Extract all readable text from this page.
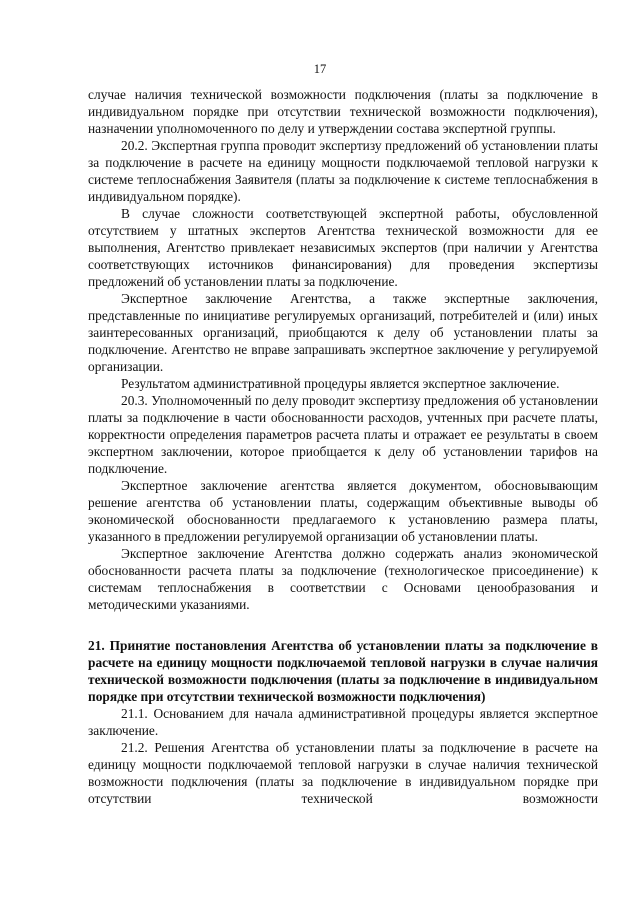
17

случае наличия технической возможности подключения (платы за подключение в индивидуальном порядке при отсутствии технической возможности подключения), назначении уполномоченного по делу и утверждении состава экспертной группы.

20.2. Экспертная группа проводит экспертизу предложений об установлении платы за подключение в расчете на единицу мощности подключаемой тепловой нагрузки к системе теплоснабжения Заявителя (платы за подключение к системе теплоснабжения в индивидуальном порядке).

В случае сложности соответствующей экспертной работы, обусловленной отсутствием у штатных экспертов Агентства технической возможности для ее выполнения, Агентство привлекает независимых экспертов (при наличии у Агентства соответствующих источников финансирования) для проведения экспертизы предложений об установлении платы за подключение.

Экспертное заключение Агентства, а также экспертные заключения, представленные по инициативе регулируемых организаций, потребителей и (или) иных заинтересованных организаций, приобщаются к делу об установлении платы за подключение. Агентство не вправе запрашивать экспертное заключение у регулируемой организации.

Результатом административной процедуры является экспертное заключение.

20.3. Уполномоченный по делу проводит экспертизу предложения об установлении платы за подключение в части обоснованности расходов, учтенных при расчете платы, корректности определения параметров расчета платы и отражает ее результаты в своем экспертном заключении, которое приобщается к делу об установлении тарифов на подключение.

Экспертное заключение агентства является документом, обосновывающим решение агентства об установлении платы, содержащим объективные выводы об экономической обоснованности предлагаемого к установлению размера платы, указанного в предложении регулируемой организации об установлении платы.

Экспертное заключение Агентства должно содержать анализ экономической обоснованности расчета платы за подключение (технологическое присоединение) к системам теплоснабжения в соответствии с Основами ценообразования и методическими указаниями.

21. Принятие постановления Агентства об установлении платы за подключение в расчете на единицу мощности подключаемой тепловой нагрузки в случае наличия технической возможности подключения (платы за подключение в индивидуальном порядке при отсутствии технической возможности подключения)

21.1. Основанием для начала административной процедуры является экспертное заключение.

21.2. Решения Агентства об установлении платы за подключение в расчете на единицу мощности подключаемой тепловой нагрузки в случае наличия технической возможности подключения (платы за подключение в индивидуальном порядке при отсутствии технической возможности
